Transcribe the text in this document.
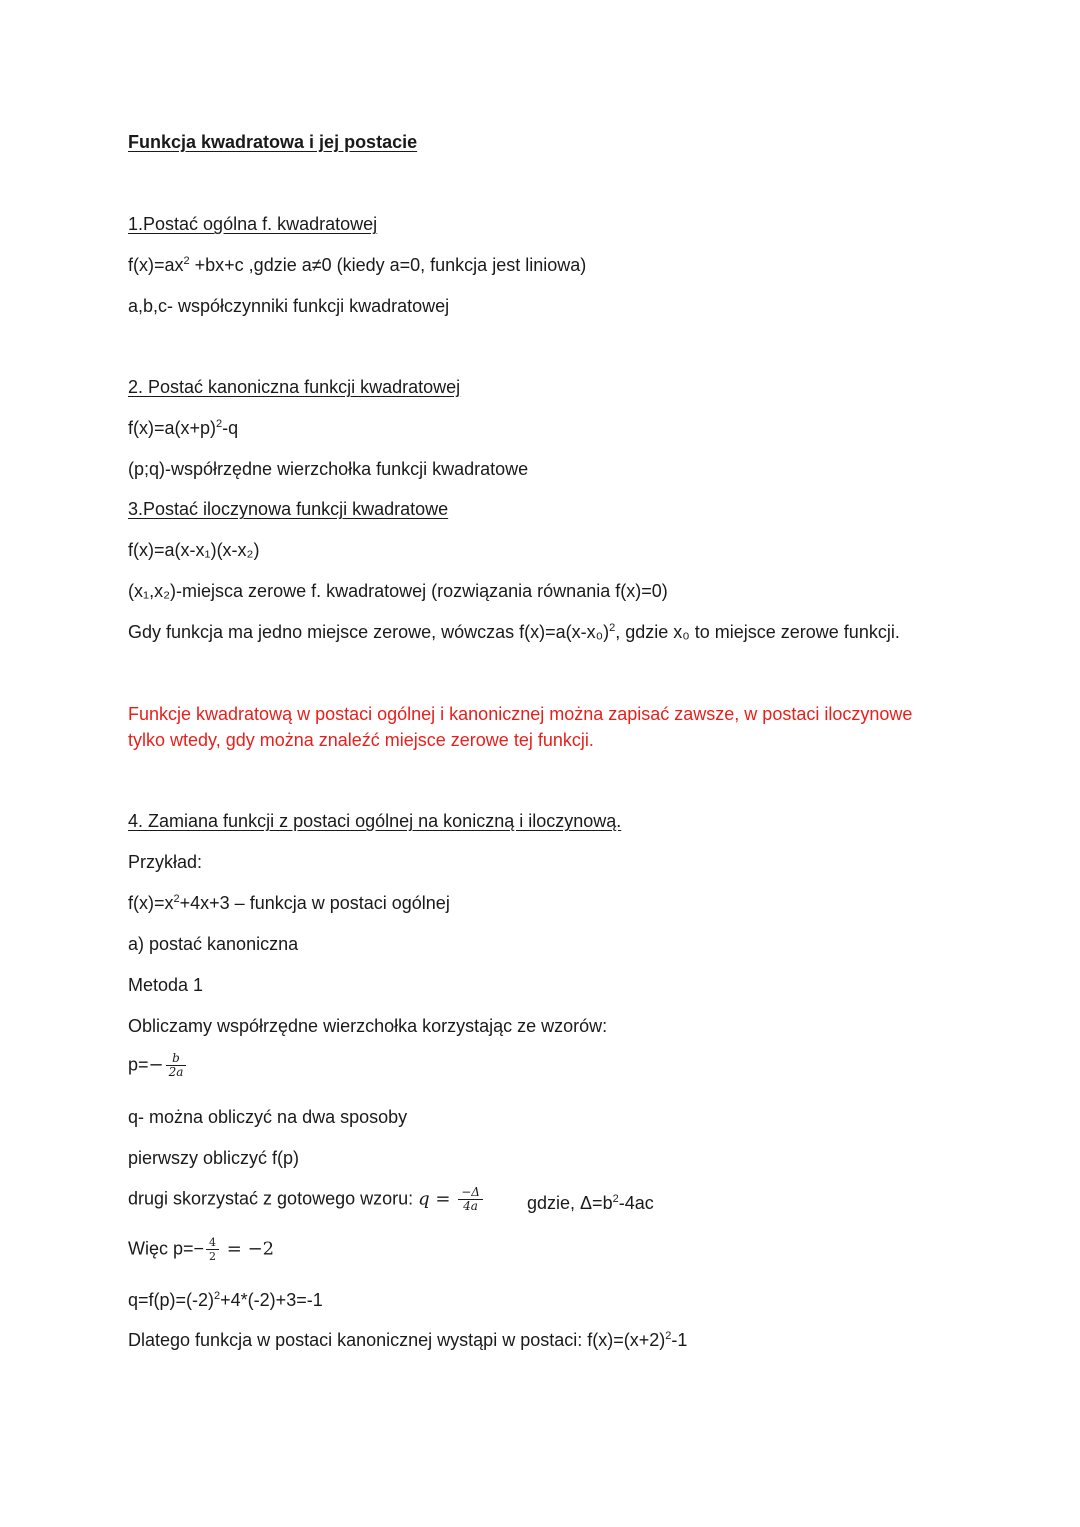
Funkcja kwadratowa i jej postacie

1.Postać ogólna f. kwadratowej

$f(x)=ax^2 +bx+c$ ,gdzie a≠0 (kiedy a=0, funkcja jest liniowa)

a,b,c- współczynniki funkcji kwadratowej

2. Postać kanoniczna funkcji kwadratowej

$f(x)=a(x+p)^2-q$

(p;q)-współrzędne wierzchołka funkcji kwadratowe

3.Postać iloczynowa funkcji kwadratowe

f(x)=a(x-x₁)(x-x₂)

(x₁,x₂)-miejsca zerowe f. kwadratowej (rozwiązania równania f(x)=0)

Gdy funkcja ma jedno miejsce zerowe, wówczas $f(x)=a(x-x_0)^2$, gdzie x₀ to miejsce zerowe funkcji.

Funkcje kwadratową w postaci ogólnej i kanonicznej można zapisać zawsze, w postaci iloczynowe

tylko wtedy, gdy można znaleźć miejsce zerowe tej funkcji.

4. Zamiana funkcji z postaci ogólnej na koniczną i iloczynową.

Przykład:

$f(x)=x^2+4x+3$ – funkcja w postaci ogólnej

a) postać kanoniczna

Metoda 1

Obliczamy współrzędne wierzchołka korzystając ze wzorów:

$p=- \frac{b}{2a}$

q- można obliczyć na dwa sposoby

pierwszy obliczyć f(p)

drugi skorzystać z gotowego wzoru: $q = \frac{-\Delta}{4a}$ gdzie, $\Delta=b^2-4ac$

Więc $p=- \frac{4}{2} = -2$

$q=f(p)=(-2)^2+4*(-2)+3=-1$

Dlatego funkcja w postaci kanonicznej wystąpi w postaci: $f(x)=(x+2)^2-1$
